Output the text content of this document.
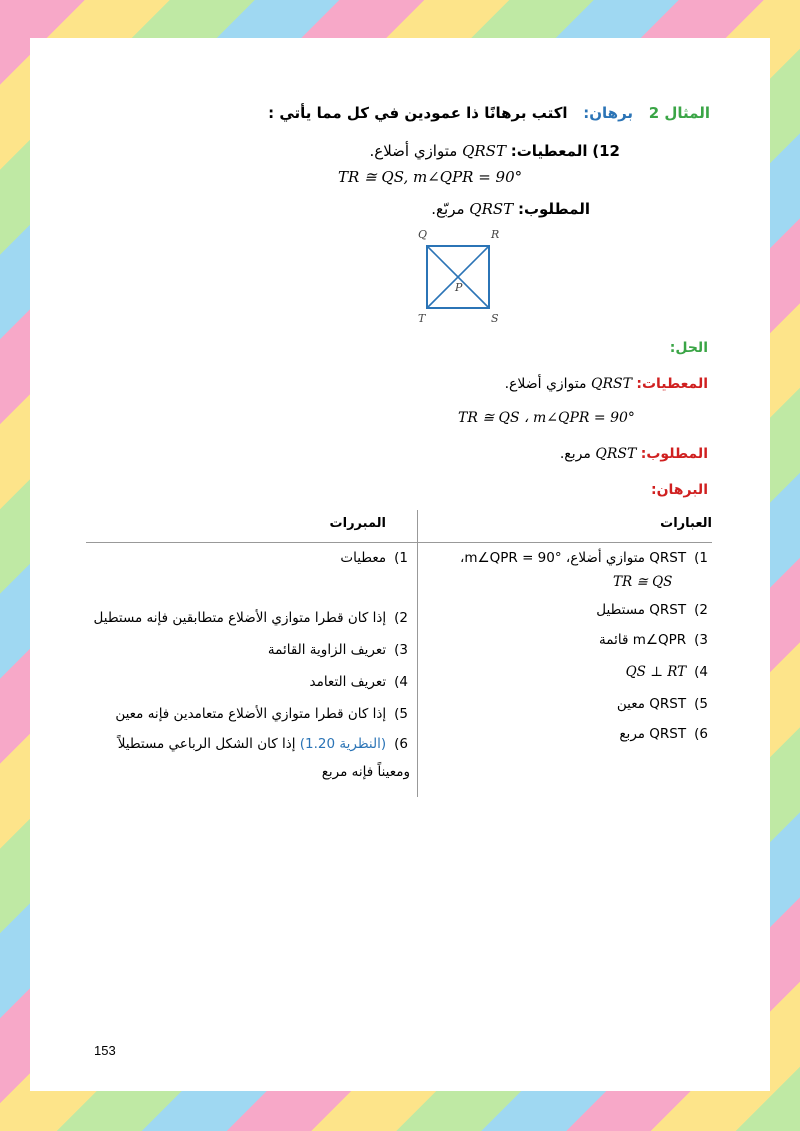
المثال 2   برهان:   اكتب برهانًا ذا عمودين في كل مما يأتي :
12) المعطيات: QRST متوازي أضلاع.
TR ≅ QS, m∠QPR = 90°
المطلوب: QRST مربّع.
Q	R
S
T
P
الحل:
المعطيات: QRST متوازي أضلاع.
TR ≅ QS ، m∠QPR = 90°
المطلوب: QRST مربع.
البرهان:
العبارات
المبررات
1)QRST متوازي أضلاع، m∠QPR = 90°،
TR ≅ QS
1)معطيات
2)QRST مستطيل
2)إذا كان قطرا متوازي الأضلاع متطابقين فإنه مستطيل
3)m∠QPR قائمة
3)تعريف الزاوية القائمة
4)QS ⊥ RT
4)تعريف التعامد
5)QRST معين
5)إذا كان قطرا متوازي الأضلاع متعامدين فإنه معين
6)QRST مربع
6)(النظرية 1.20) إذا كان الشكل الرباعي مستطيلاً
ومعيناً فإنه مربع
153
